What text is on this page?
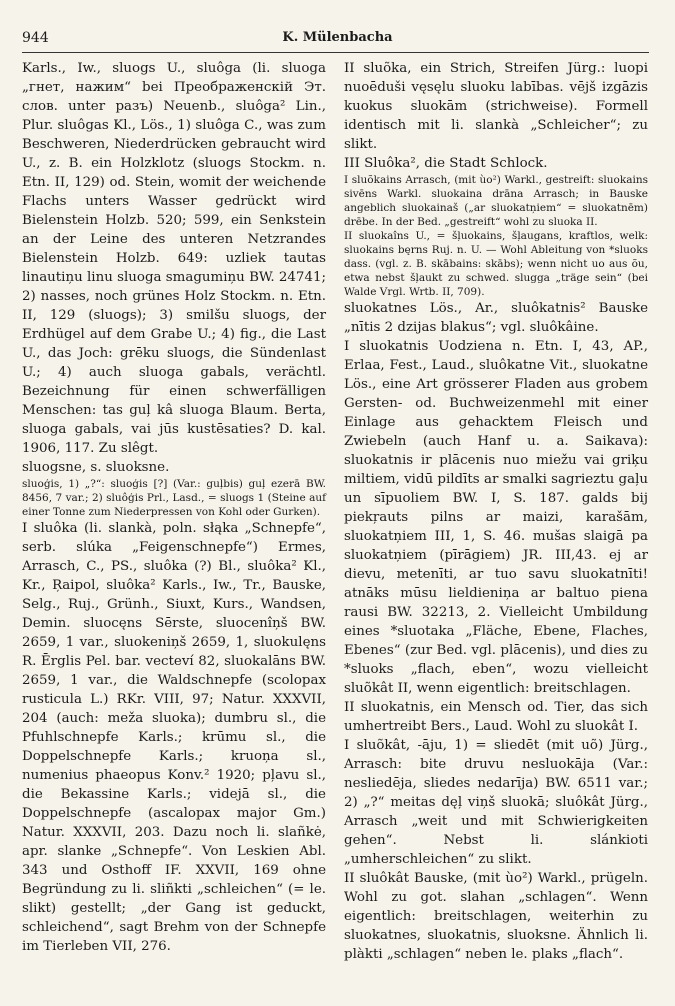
944	K. Mülenbacha

Karls., Iw., sluogs U., sluôga (li. sluoga „гнет, нажим“ bei Преображенскій Эт. слов. unter разъ) Neuenb., sluôga² Lin., Plur. sluôgas Kl., Lös., 1) sluôga C., was zum Beschweren, Niederdrücken gebraucht wird U., z. B. ein Holzklotz (sluogs Stockm. n. Etn. II, 129) od. Stein, womit der weichende Flachs unters Wasser gedrückt wird Bielenstein Holzb. 520; 599, ein Senkstein an der Leine des unteren Netzrandes Bielenstein Holzb. 649: uzliek tautas linautiņu linu sluoga smagumiņu BW. 24741; 2) nasses, noch grünes Holz Stockm. n. Etn. II, 129 (sluogs); 3) smilšu sluogs, der Erdhügel auf dem Grabe U.; 4) fig., die Last U., das Joch: grēku sluogs, die Sündenlast U.; 4) auch sluoga gabals, verächtl. Bezeichnung für einen schwerfälligen Menschen: tas guļ kâ sluoga Blaum. Berta, sluoga gabals, vai jūs kustēsaties? D. kal. 1906, 117. Zu slêgt.

sluogsne, s. sluoksne.

sluoģis, 1) „?“: sluoģis [?] (Var.: guļbis) guļ ezerā BW. 8456, 7 var.; 2) sluôģis Prl., Lasd., = sluogs 1 (Steine auf einer Tonne zum Niederpressen von Kohl oder Gurken).

I sluôka (li. slankà, poln. słąka „Schnepfe“, serb. slúka „Feigenschnepfe“) Ermes, Arrasch, C., PS., sluôka (?) Bl., sluôka² Kl., Kr., Ŗaipol, sluôka² Karls., Iw., Tr., Bauske, Selg., Ruj., Grünh., Siuxt, Kurs., Wandsen, Demin. sluocęns Sērste, sluocenîņš BW. 2659, 1 var., sluokeniņš 2659, 1, sluokulęns R. Ērglis Pel. bar. vecteví 82, sluokalāns BW. 2659, 1 var., die Waldschnepfe (scolopax rusticula L.) RKr. VIII, 97; Natur. XXXVII, 204 (auch: meža sluoka); dumbru sl., die Pfuhlschnepfe Karls.; krūmu sl., die Doppelschnepfe Karls.; kruoņa sl., numenius phaeopus Konv.² 1920; pļavu sl., die Bekassine Karls.; videjā sl., die Doppelschnepfe (ascalopax major Gm.) Natur. XXXVII, 203. Dazu noch li. slañkė, apr. slanke „Schnepfe“. Von Leskien Abl. 343 und Osthoff IF. XXVII, 169 ohne Begründung zu li. sliñkti „schleichen“ (= le. slikt) gestellt; „der Gang ist geduckt, schleichend“, sagt Brehm von der Schnepfe im Tierleben VII, 276.

II sluõka, ein Strich, Streifen Jürg.: luopi nuoēduši vęsęlu sluoku labības. vējš izgāzis kuokus sluokām (strichweise). Formell identisch mit li. slankà „Schleicher“; zu slikt.

III Sluôka², die Stadt Schlock.

I sluõkains Arrasch, (mit ùo²) Warkl., gestreift: sluokains sivēns Warkl. sluokaina drāna Arrasch; in Bauske angeblich sluokainaš („ar sluokatņiem“ = sluokatnēm) drēbe. In der Bed. „gestreift“ wohl zu sluoka II.

II sluokaîns U., = šļuokains, šļaugans, kraftlos, welk: sluokains bęrns Ruj. n. U. — Wohl Ableitung von *sluoks dass. (vgl. z. B. skābains: skābs); wenn nicht uo aus õu, etwa nebst šļaukt zu schwed. slugga „träge sein“ (bei Walde Vrgl. Wrtb. II, 709).

sluokatnes Lös., Ar., sluôkatnis² Bauske „nītis 2 dzijas blakus“; vgl. sluôkâine.

I sluokatnis Uodziena n. Etn. I, 43, AP., Erlaa, Fest., Laud., sluôkatne Vit., sluokatne Lös., eine Art grösserer Fladen aus grobem Gersten- od. Buchweizenmehl mit einer Einlage aus gehacktem Fleisch und Zwiebeln (auch Hanf u. a. Saikava): sluokatnis ir plācenis nuo miežu vai griķu miltiem, vidū pildīts ar smalki sagrieztu gaļu un sīpuoliem BW. I, S. 187. galds bij piekŗauts pilns ar maizi, karašām, sluokatņiem III, 1, S. 46. mušas slaigā pa sluokatņiem (pīrāgiem) JR. III,43. ej ar dievu, metenīti, ar tuo savu sluokatnīti! atnāks mūsu lieldieniņa ar baltuo piena rausi BW. 32213, 2. Vielleicht Umbildung eines *sluotaka „Fläche, Ebene, Flaches, Ebenes“ (zur Bed. vgl. plācenis), und dies zu *sluoks „flach, eben“, wozu vielleicht sluõkât II, wenn eigentlich: breitschlagen.

II sluokatnis, ein Mensch od. Tier, das sich umhertreibt Bers., Laud. Wohl zu sluokât I.

I sluõkât, -āju, 1) = sliedēt (mit uõ) Jürg., Arrasch: bite druvu nesluokāja (Var.: nesliedēja, sliedes nedarīja) BW. 6511 var.; 2) „?“ meitas dęļ viņš sluokā; sluôkât Jürg., Arrasch „weit und mit Schwierigkeiten gehen“. Nebst li. slánkioti „umherschleichen“ zu slikt.

II sluôkât Bauske, (mit ùo²) Warkl., prügeln. Wohl zu got. slahan „schlagen“. Wenn eigentlich: breitschlagen, weiterhin zu sluokatnes, sluokatnis, sluoksne. Ähnlich li. plàkti „schlagen“ neben le. plaks „flach“.
